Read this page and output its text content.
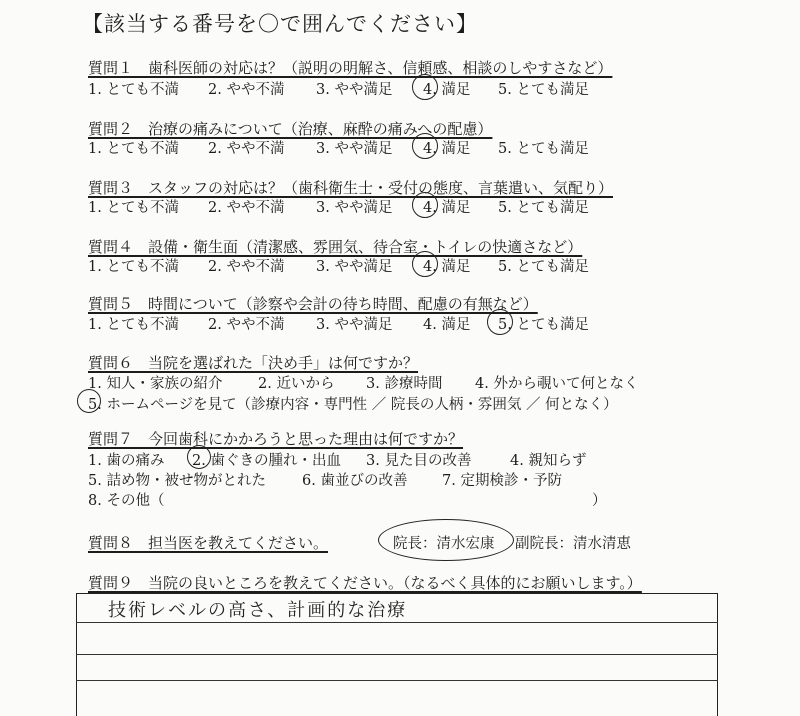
【該当する番号を〇で囲んでください】
質問１　歯科医師の対応は？（説明の明解さ、信頼感、相談のしやすさなど）
質問２　治療の痛みについて（治療、麻酔の痛みへの配慮）
質問３　スタッフの対応は？（歯科衛生士・受付の態度、言葉遣い、気配り）
質問４　設備・衛生面（清潔感、雰囲気、待合室・トイレの快適さなど）
質問５　時間について（診察や会計の待ち時間、配慮の有無など）
1. とても不満 2. やや不満 3. やや満足 4. 満足 5. とても満足
1. とても不満 2. やや不満 3. やや満足 4. 満足 5. とても満足
1. とても不満 2. やや不満 3. やや満足 4. 満足 5. とても満足
1. とても不満 2. やや不満 3. やや満足 4. 満足 5. とても満足
1. とても不満 2. やや不満 3. やや満足 4. 満足 5. とても満足
質問６　当院を選ばれた「決め手」は何ですか？
1. 知人・家族の紹介 2. 近いから 3. 診療時間 4. 外から覗いて何となく
5. ホームページを見て（診療内容・専門性 ／ 院長の人柄・雰囲気 ／ 何となく）
質問７　今回歯科にかかろうと思った理由は何ですか？
1. 歯の痛み 2. 歯ぐきの腫れ・出血 3. 見た目の改善	4. 親知らず
5. 詰め物・被せ物がとれた 6. 歯並びの改善 7. 定期検診・予防
8. その他（	）
質問８　担当医を教えてください。	院長：清水宏康 副院長：清水清恵
質問９　当院の良いところを教えてください。（なるべく具体的にお願いします。）
技術レベルの高さ、計画的な治療
